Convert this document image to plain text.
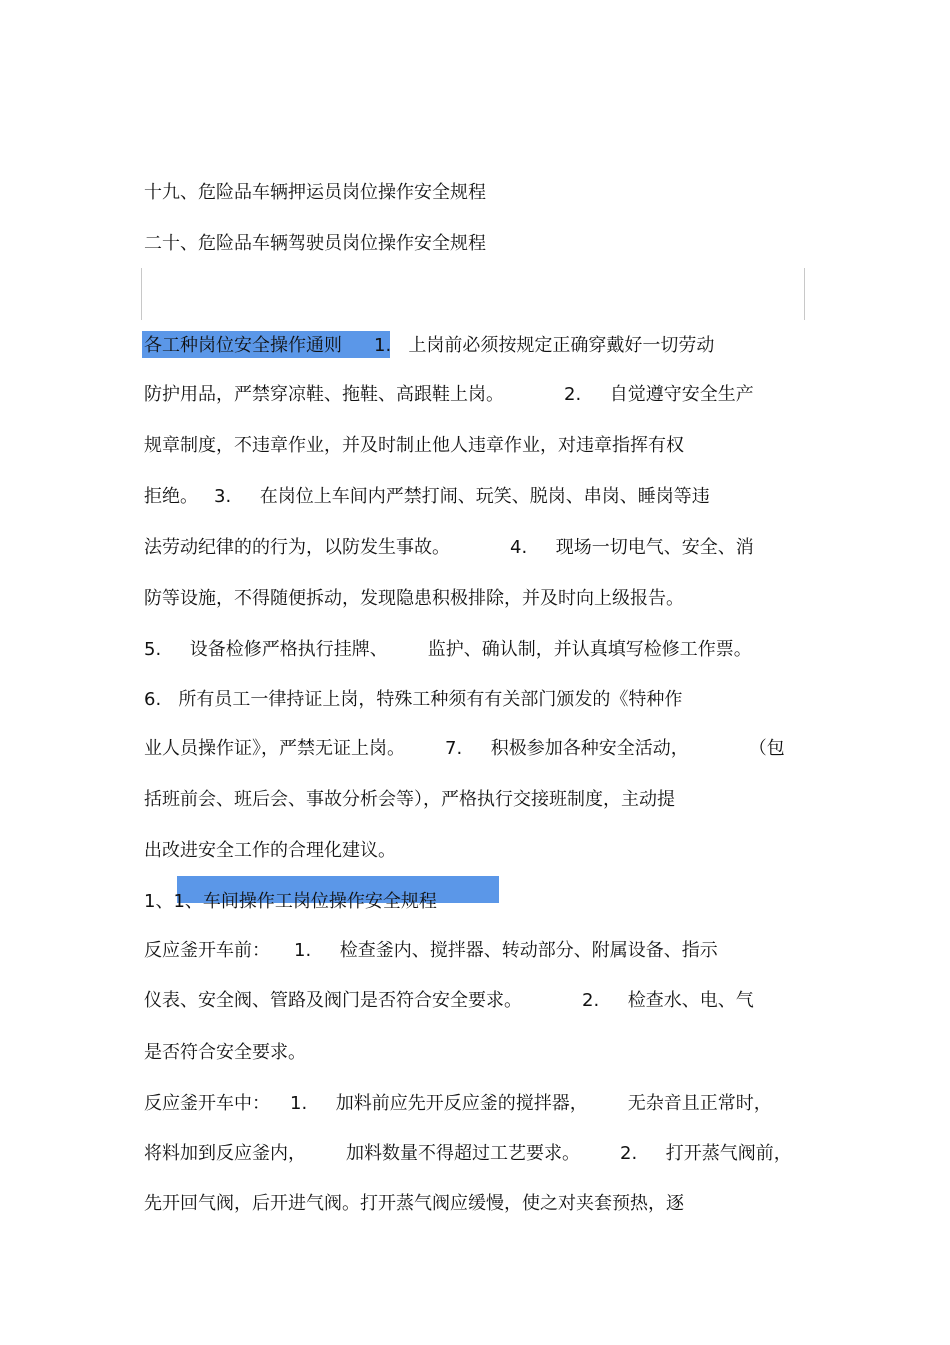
十九、危险品车辆押运员岗位操作安全规程

二十、危险品车辆驾驶员岗位操作安全规程

各工种岗位安全操作通则 1.   上岗前必须按规定正确穿戴好一切劳动

防护用品，严禁穿凉鞋、拖鞋、高跟鞋上岗。	2.     自觉遵守安全生产

规章制度，不违章作业，并及时制止他人违章作业，对违章指挥有权

拒绝。 3.     在岗位上车间内严禁打闹、玩笑、脱岗、串岗、睡岗等违

法劳动纪律的的行为，以防发生事故。	4.     现场一切电气、安全、消

防等设施，不得随便拆动，发现隐患积极排除，并及时向上级报告。

5.     设备检修严格执行挂牌、 监护、确认制，并认真填写检修工作票。

6.   所有员工一律持证上岗，特殊工种须有有关部门颁发的《特种作

业人员操作证》，严禁无证上岗。 7.     积极参加各种安全活动，	（包

括班前会、班后会、事故分析会等），严格执行交接班制度，主动提

出改进安全工作的合理化建议。

1、1、车间操作工岗位操作安全规程

反应釜开车前： 1.     检查釜内、搅拌器、转动部分、附属设备、指示

仪表、安全阀、管路及阀门是否符合安全要求。	2.     检查水、电、气

是否符合安全要求。

反应釜开车中： 1.     加料前应先开反应釜的搅拌器， 无杂音且正常时，

将料加到反应釜内， 加料数量不得超过工艺要求。 2.     打开蒸气阀前，

先开回气阀，后开进气阀。打开蒸气阀应缓慢，使之对夹套预热，逐
